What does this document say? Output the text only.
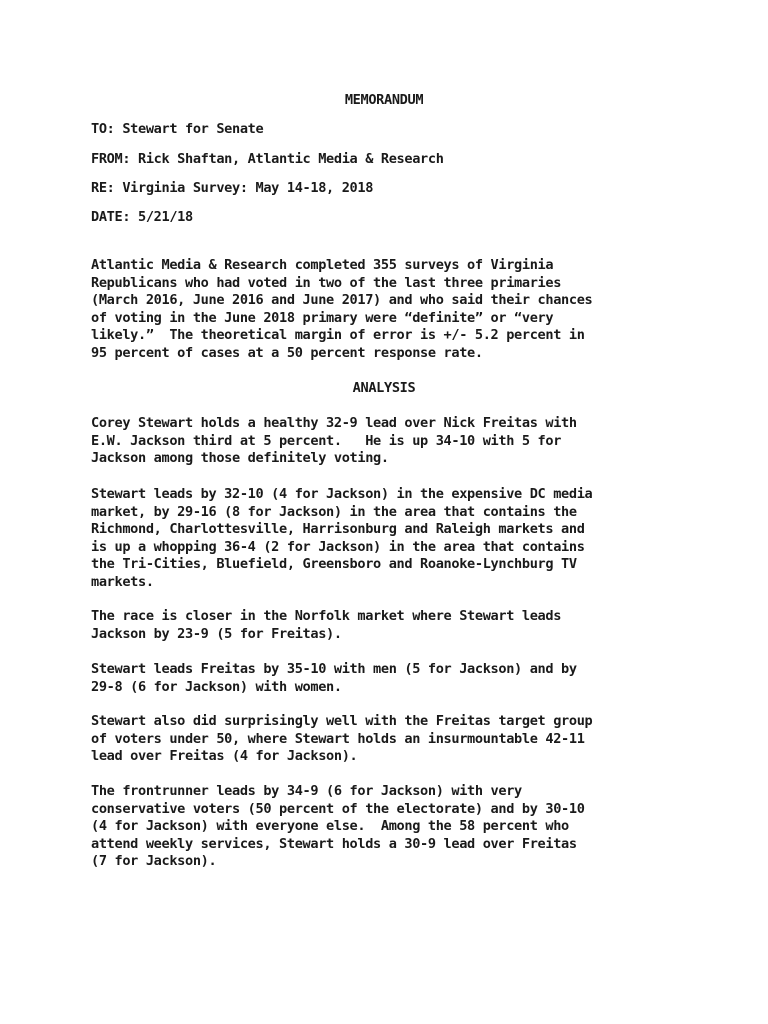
MEMORANDUM

TO: Stewart for Senate

FROM: Rick Shaftan, Atlantic Media & Research

RE: Virginia Survey: May 14-18, 2018

DATE: 5/21/18

Atlantic Media & Research completed 355 surveys of Virginia

Republicans who had voted in two of the last three primaries

(March 2016, June 2016 and June 2017) and who said their chances

of voting in the June 2018 primary were “definite” or “very

likely.”  The theoretical margin of error is +/- 5.2 percent in

95 percent of cases at a 50 percent response rate.

ANALYSIS

Corey Stewart holds a healthy 32-9 lead over Nick Freitas with

E.W. Jackson third at 5 percent.   He is up 34-10 with 5 for

Jackson among those definitely voting.

Stewart leads by 32-10 (4 for Jackson) in the expensive DC media

market, by 29-16 (8 for Jackson) in the area that contains the

Richmond, Charlottesville, Harrisonburg and Raleigh markets and

is up a whopping 36-4 (2 for Jackson) in the area that contains

the Tri-Cities, Bluefield, Greensboro and Roanoke-Lynchburg TV

markets.

The race is closer in the Norfolk market where Stewart leads

Jackson by 23-9 (5 for Freitas).

Stewart leads Freitas by 35-10 with men (5 for Jackson) and by

29-8 (6 for Jackson) with women.

Stewart also did surprisingly well with the Freitas target group

of voters under 50, where Stewart holds an insurmountable 42-11

lead over Freitas (4 for Jackson).

The frontrunner leads by 34-9 (6 for Jackson) with very

conservative voters (50 percent of the electorate) and by 30-10

(4 for Jackson) with everyone else.  Among the 58 percent who

attend weekly services, Stewart holds a 30-9 lead over Freitas

(7 for Jackson).
